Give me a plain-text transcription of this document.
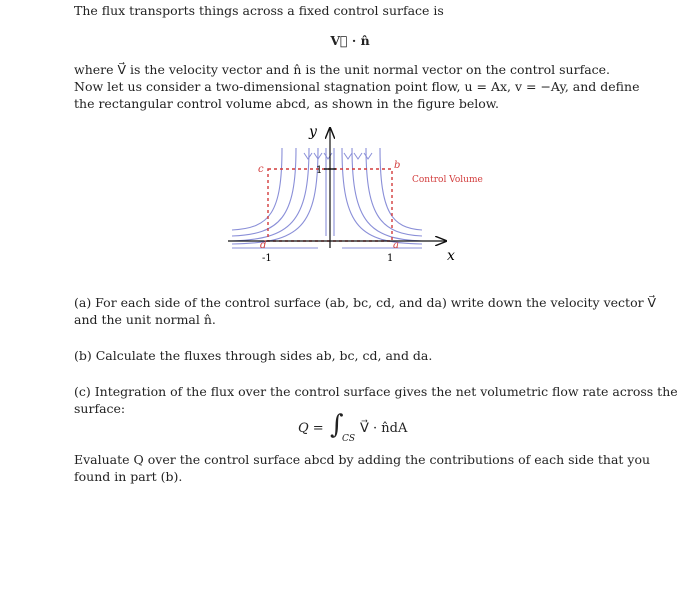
The flux transports things across a fixed control surface is
V⃗ · n̂
where V⃗ is the velocity vector and n̂ is the unit normal vector on the control surface.
Now let us consider a two-dimensional stagnation point flow, u = Ax, v = −Ay, and define
the rectangular control volume abcd, as shown in the figure below.
y
x
c	b
d	a
1
-1	1
Control Volume
(a) For each side of the control surface (ab, bc, cd, and da) write down the velocity vector V⃗
and the unit normal n̂.
(b) Calculate the fluxes through sides ab, bc, cd, and da.
(c) Integration of the flux over the control surface gives the net volumetric flow rate across the
surface:
Q = ∫
CS
V⃗ · n̂dA
Evaluate Q over the control surface abcd by adding the contributions of each side that you
found in part (b).
